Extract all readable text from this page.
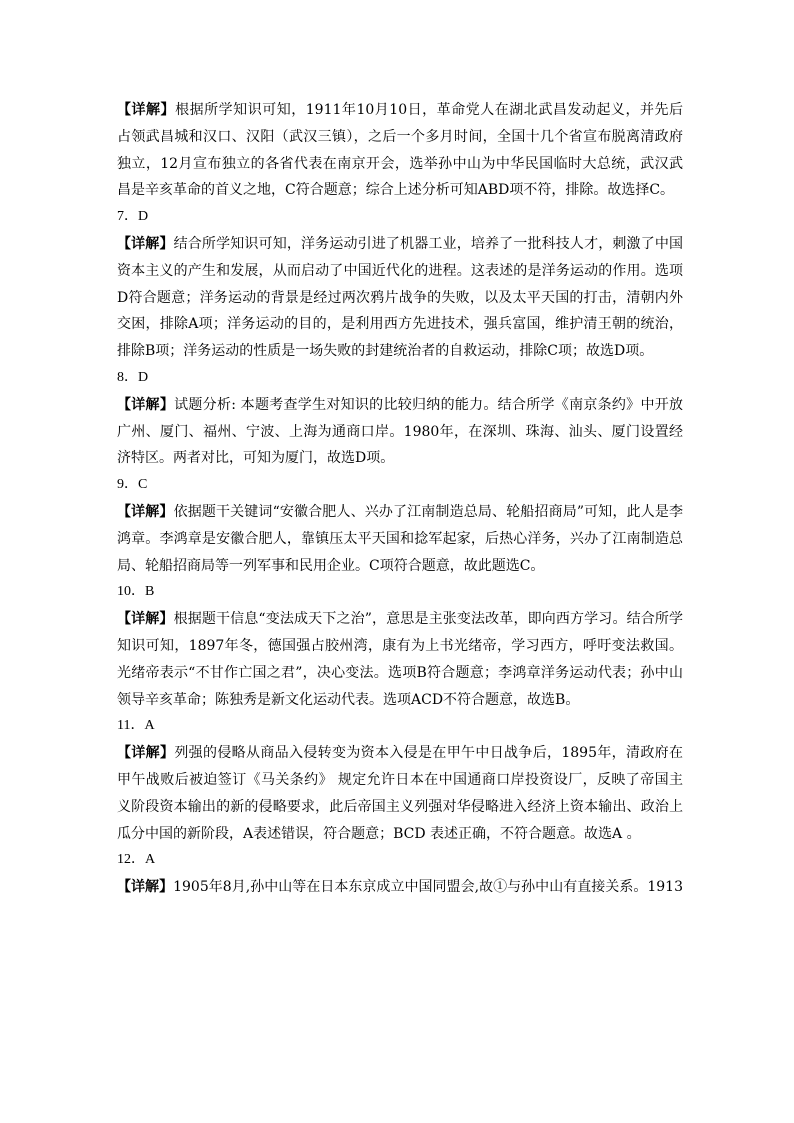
【详解】根据所学知识可知，1911年10月10日，革命党人在湖北武昌发动起义，并先后
占领武昌城和汉口、汉阳（武汉三镇），之后一个多月时间，全国十几个省宣布脱离清政府
独立，12月宣布独立的各省代表在南京开会，选举孙中山为中华民国临时大总统，武汉武
昌是辛亥革命的首义之地，C符合题意；综合上述分析可知ABD项不符，排除。故选择C。
7．D
【详解】结合所学知识可知，洋务运动引进了机器工业，培养了一批科技人才，刺激了中国
资本主义的产生和发展，从而启动了中国近代化的进程。这表述的是洋务运动的作用。选项
D符合题意；洋务运动的背景是经过两次鸦片战争的失败，以及太平天国的打击，清朝内外
交困，排除A项；洋务运动的目的，是利用西方先进技术，强兵富国，维护清王朝的统治，
排除B项；洋务运动的性质是一场失败的封建统治者的自救运动，排除C项；故选D项。
8．D
【详解】试题分析: 本题考查学生对知识的比较归纳的能力。结合所学《南京条约》中开放
广州、厦门、福州、宁波、上海为通商口岸。1980年，在深圳、珠海、汕头、厦门设置经
济特区。两者对比，可知为厦门，故选D项。
9．C
【详解】依据题干关键词“安徽合肥人、兴办了江南制造总局、轮船招商局”可知，此人是李
鸿章。李鸿章是安徽合肥人，靠镇压太平天国和捻军起家，后热心洋务，兴办了江南制造总
局、轮船招商局等一列军事和民用企业。C项符合题意，故此题选C。
10．B
【详解】根据题干信息“变法成天下之治”，意思是主张变法改革，即向西方学习。结合所学
知识可知，1897年冬，德国强占胶州湾，康有为上书光绪帝，学习西方，呼吁变法救国。
光绪帝表示“不甘作亡国之君”，决心变法。选项B符合题意；李鸿章洋务运动代表；孙中山
领导辛亥革命；陈独秀是新文化运动代表。选项ACD不符合题意，故选B。
11．A
【详解】列强的侵略从商品入侵转变为资本入侵是在甲午中日战争后，1895年，清政府在
甲午战败后被迫签订《马关条约》 规定允许日本在中国通商口岸投资设厂，反映了帝国主
义阶段资本输出的新的侵略要求，此后帝国主义列强对华侵略进入经济上资本输出、政治上
瓜分中国的新阶段，A表述错误，符合题意；BCD 表述正确，不符合题意。故选A 。
12．A
【详解】1905年8月,孙中山等在日本东京成立中国同盟会,故①与孙中山有直接关系。1913
